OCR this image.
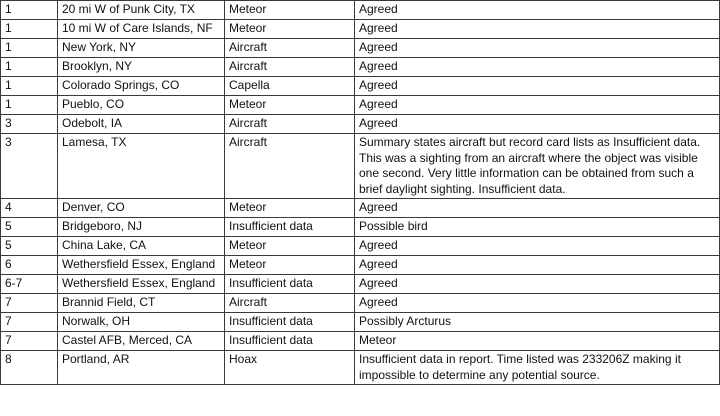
1	20 mi W of Punk City, TX	Meteor	Agreed
1	10 mi W of Care Islands, NF	Meteor	Agreed
1	New York, NY	Aircraft	Agreed
1	Brooklyn, NY	Aircraft	Agreed
1	Colorado Springs, CO	Capella	Agreed
1	Pueblo, CO	Meteor	Agreed
3	Odebolt, IA	Aircraft	Agreed
3	Lamesa, TX	Aircraft	Summary states aircraft but record card lists as Insufficient data. This was a sighting from an aircraft where the object was visible one second. Very little information can be obtained from such a brief daylight sighting. Insufficient data.
4	Denver, CO	Meteor	Agreed
5	Bridgeboro, NJ	Insufficient data	Possible bird
5	China Lake, CA	Meteor	Agreed
6	Wethersfield Essex, England	Meteor	Agreed
6-7	Wethersfield Essex, England	Insufficient data	Agreed
7	Brannid Field, CT	Aircraft	Agreed
7	Norwalk, OH	Insufficient data	Possibly Arcturus
7	Castel AFB, Merced, CA	Insufficient data	Meteor
8	Portland, AR	Hoax	Insufficient data in report. Time listed was 233206Z making it impossible to determine any potential source.
